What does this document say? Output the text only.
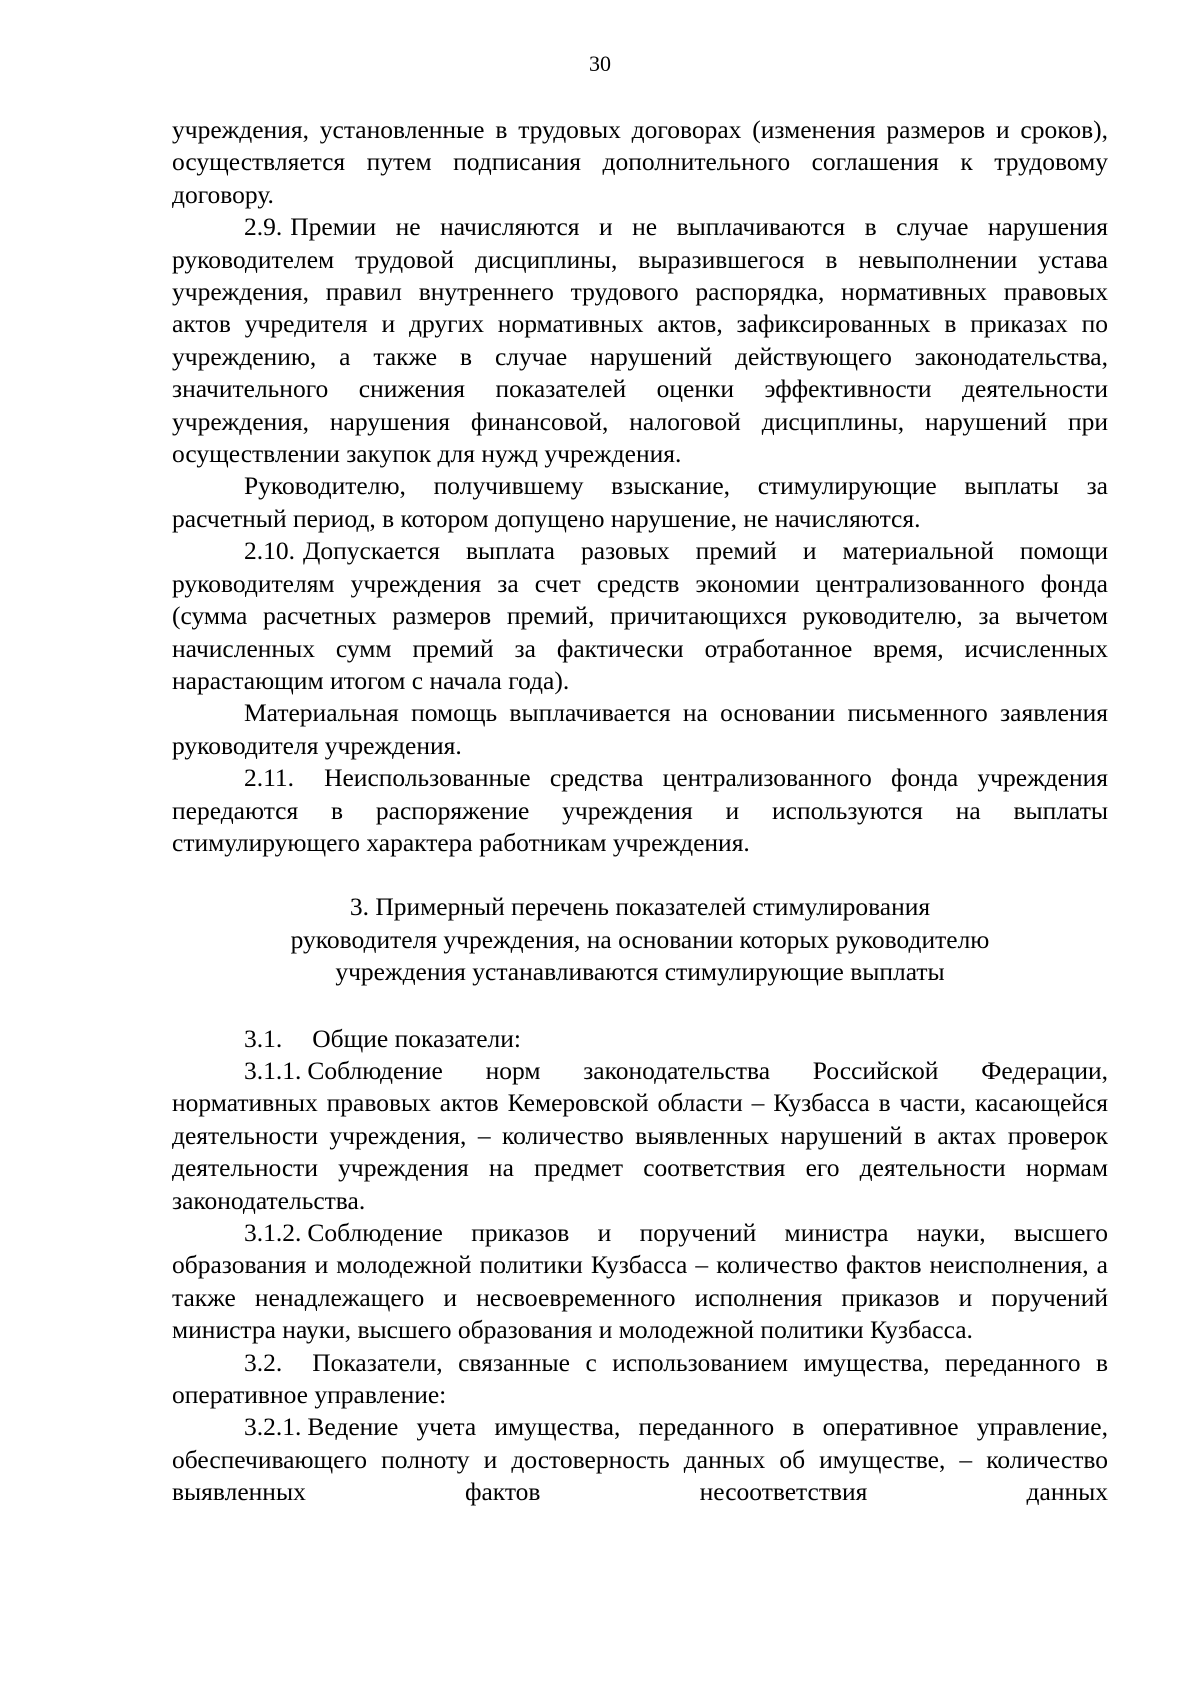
30

учреждения, установленные в трудовых договорах (изменения размеров и сроков), осуществляется путем подписания дополнительного соглашения к трудовому договору.

2.9. Премии не начисляются и не выплачиваются в случае нарушения руководителем трудовой дисциплины, выразившегося в невыполнении устава учреждения, правил внутреннего трудового распорядка, нормативных правовых актов учредителя и других нормативных актов, зафиксированных в приказах по учреждению, а также в случае нарушений действующего законодательства, значительного снижения показателей оценки эффективности деятельности учреждения, нарушения финансовой, налоговой дисциплины, нарушений при осуществлении закупок для нужд учреждения.

Руководителю, получившему взыскание, стимулирующие выплаты за расчетный период, в котором допущено нарушение, не начисляются.

2.10. Допускается выплата разовых премий и материальной помощи руководителям учреждения за счет средств экономии централизованного фонда (сумма расчетных размеров премий, причитающихся руководителю, за вычетом начисленных сумм премий за фактически отработанное время, исчисленных нарастающим итогом с начала года).

Материальная помощь выплачивается на основании письменного заявления руководителя учреждения.

2.11. Неиспользованные средства централизованного фонда учреждения передаются в распоряжение учреждения и используются на выплаты стимулирующего характера работникам учреждения.

3. Примерный перечень показателей стимулирования
руководителя учреждения, на основании которых руководителю
учреждения устанавливаются стимулирующие выплаты

3.1. Общие показатели:

3.1.1. Соблюдение норм законодательства Российской Федерации, нормативных правовых актов Кемеровской области – Кузбасса в части, касающейся деятельности учреждения, – количество выявленных нарушений в актах проверок деятельности учреждения на предмет соответствия его деятельности нормам законодательства.

3.1.2. Соблюдение приказов и поручений министра науки, высшего образования и молодежной политики Кузбасса – количество фактов неисполнения, а также ненадлежащего и несвоевременного исполнения приказов и поручений министра науки, высшего образования и молодежной политики Кузбасса.

3.2. Показатели, связанные с использованием имущества, переданного в оперативное управление:

3.2.1. Ведение учета имущества, переданного в оперативное управление, обеспечивающего полноту и достоверность данных об имуществе, – количество выявленных фактов несоответствия данных
